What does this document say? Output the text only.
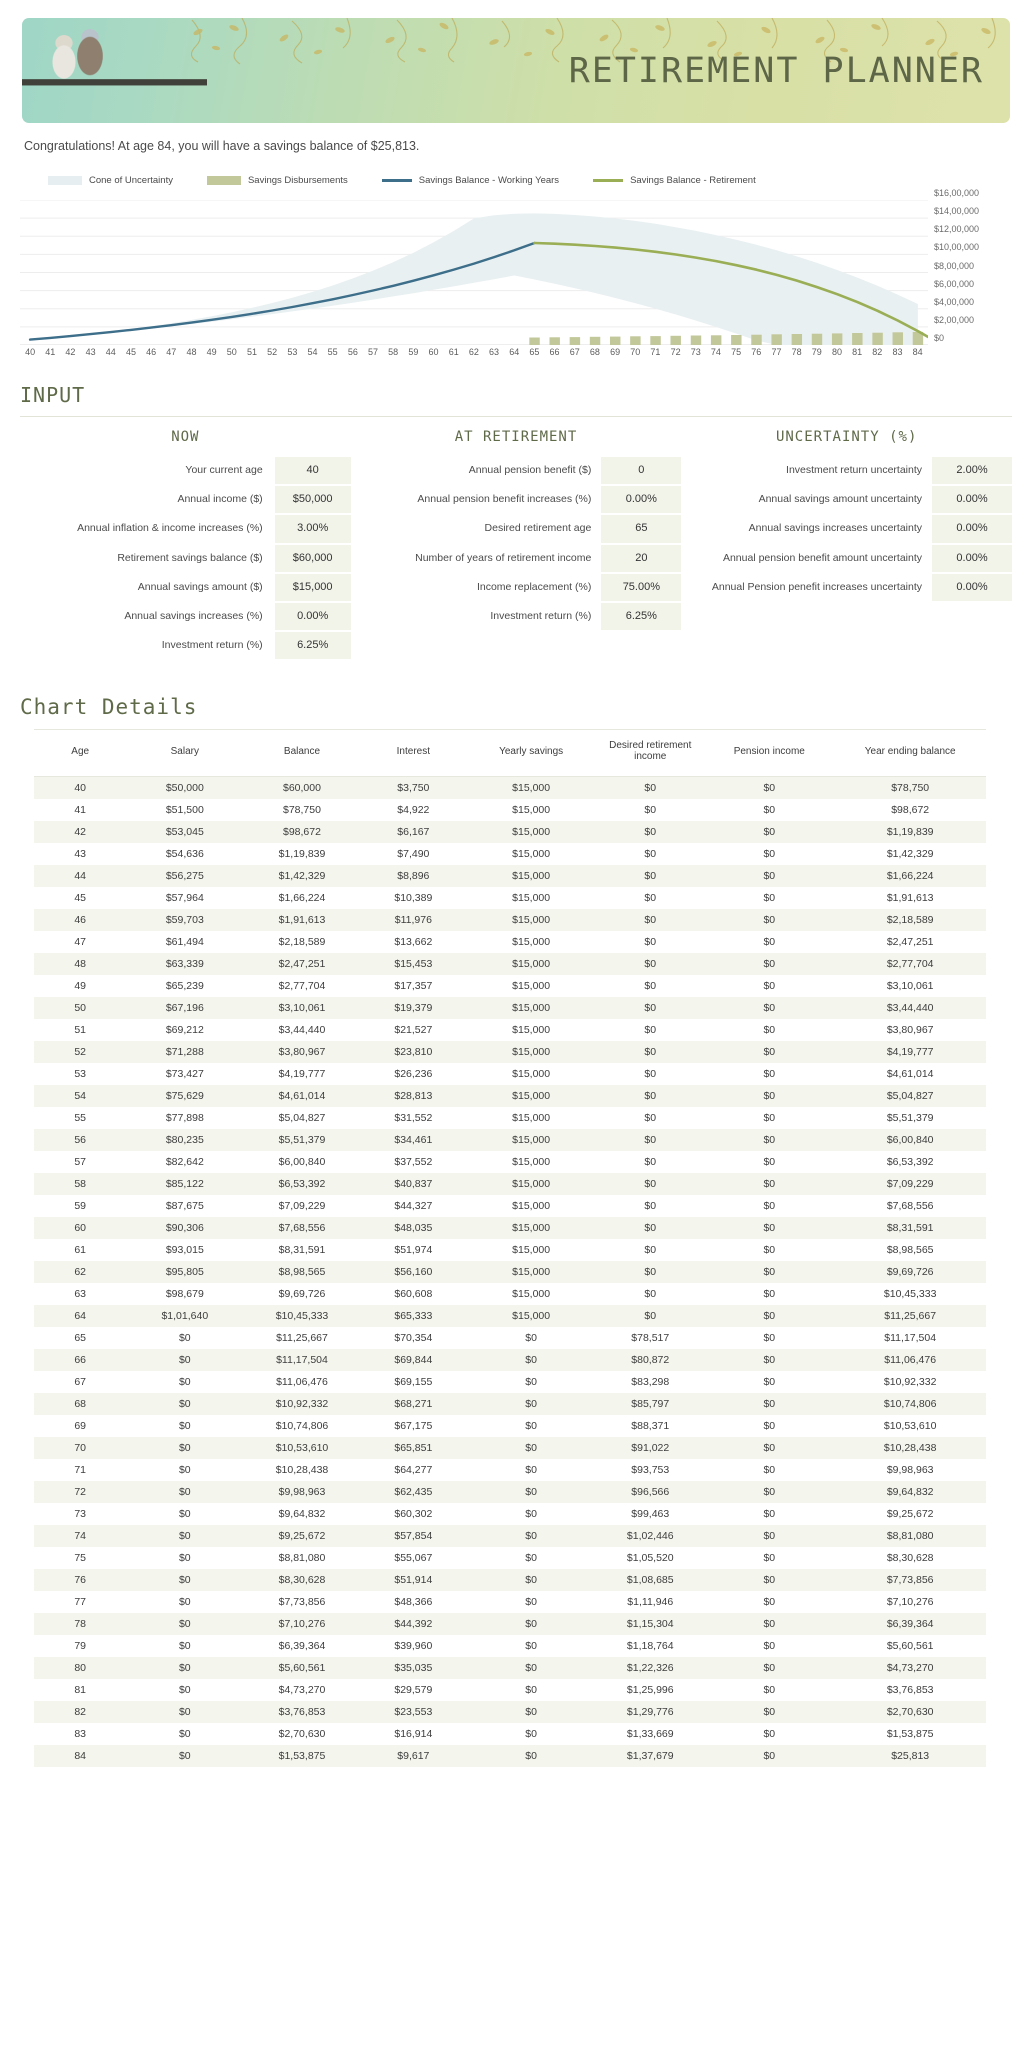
RETIREMENT PLANNER
Congratulations! At age 84, you will have a savings balance of $25,813.
Cone of Uncertainty	Savings Disbursements	Savings Balance - Working Years	Savings Balance - Retirement
$0
$2,00,000
$4,00,000
$6,00,000
$8,00,000
$10,00,000
$12,00,000
$14,00,000
$16,00,000
40	41	42	43	44	45	46	47	48	49	50	51	52	53	54	55	56	57	58	59	60	61	62	63	64	65	66	67	68	69	70	71	72	73	74	75	76	77	78	79	80	81	82	83	84
INPUT
NOW
Your current age	40
Annual income ($)	$50,000
Annual inflation & income increases (%)	3.00%
Retirement savings balance ($)	$60,000
Annual savings amount ($)	$15,000
Annual savings increases (%)	0.00%
Investment return (%)	6.25%
AT RETIREMENT
Annual pension benefit ($)	0
Annual pension benefit increases (%)	0.00%
Desired retirement age	65
Number of years of retirement income	20
Income replacement (%)	75.00%
Investment return (%)	6.25%
UNCERTAINTY (%)
Investment return uncertainty	2.00%
Annual savings amount uncertainty	0.00%
Annual savings increases uncertainty	0.00%
Annual pension benefit amount uncertainty	0.00%
Annual Pension penefit increases uncertainty	0.00%
Chart Details
Age	Salary	Balance	Interest	Yearly savings	Desired retirement income	Pension income	Year ending balance
40	$50,000	$60,000	$3,750	$15,000	$0	$0	$78,750
41	$51,500	$78,750	$4,922	$15,000	$0	$0	$98,672
42	$53,045	$98,672	$6,167	$15,000	$0	$0	$1,19,839
43	$54,636	$1,19,839	$7,490	$15,000	$0	$0	$1,42,329
44	$56,275	$1,42,329	$8,896	$15,000	$0	$0	$1,66,224
45	$57,964	$1,66,224	$10,389	$15,000	$0	$0	$1,91,613
46	$59,703	$1,91,613	$11,976	$15,000	$0	$0	$2,18,589
47	$61,494	$2,18,589	$13,662	$15,000	$0	$0	$2,47,251
48	$63,339	$2,47,251	$15,453	$15,000	$0	$0	$2,77,704
49	$65,239	$2,77,704	$17,357	$15,000	$0	$0	$3,10,061
50	$67,196	$3,10,061	$19,379	$15,000	$0	$0	$3,44,440
51	$69,212	$3,44,440	$21,527	$15,000	$0	$0	$3,80,967
52	$71,288	$3,80,967	$23,810	$15,000	$0	$0	$4,19,777
53	$73,427	$4,19,777	$26,236	$15,000	$0	$0	$4,61,014
54	$75,629	$4,61,014	$28,813	$15,000	$0	$0	$5,04,827
55	$77,898	$5,04,827	$31,552	$15,000	$0	$0	$5,51,379
56	$80,235	$5,51,379	$34,461	$15,000	$0	$0	$6,00,840
57	$82,642	$6,00,840	$37,552	$15,000	$0	$0	$6,53,392
58	$85,122	$6,53,392	$40,837	$15,000	$0	$0	$7,09,229
59	$87,675	$7,09,229	$44,327	$15,000	$0	$0	$7,68,556
60	$90,306	$7,68,556	$48,035	$15,000	$0	$0	$8,31,591
61	$93,015	$8,31,591	$51,974	$15,000	$0	$0	$8,98,565
62	$95,805	$8,98,565	$56,160	$15,000	$0	$0	$9,69,726
63	$98,679	$9,69,726	$60,608	$15,000	$0	$0	$10,45,333
64	$1,01,640	$10,45,333	$65,333	$15,000	$0	$0	$11,25,667
65	$0	$11,25,667	$70,354	$0	$78,517	$0	$11,17,504
66	$0	$11,17,504	$69,844	$0	$80,872	$0	$11,06,476
67	$0	$11,06,476	$69,155	$0	$83,298	$0	$10,92,332
68	$0	$10,92,332	$68,271	$0	$85,797	$0	$10,74,806
69	$0	$10,74,806	$67,175	$0	$88,371	$0	$10,53,610
70	$0	$10,53,610	$65,851	$0	$91,022	$0	$10,28,438
71	$0	$10,28,438	$64,277	$0	$93,753	$0	$9,98,963
72	$0	$9,98,963	$62,435	$0	$96,566	$0	$9,64,832
73	$0	$9,64,832	$60,302	$0	$99,463	$0	$9,25,672
74	$0	$9,25,672	$57,854	$0	$1,02,446	$0	$8,81,080
75	$0	$8,81,080	$55,067	$0	$1,05,520	$0	$8,30,628
76	$0	$8,30,628	$51,914	$0	$1,08,685	$0	$7,73,856
77	$0	$7,73,856	$48,366	$0	$1,11,946	$0	$7,10,276
78	$0	$7,10,276	$44,392	$0	$1,15,304	$0	$6,39,364
79	$0	$6,39,364	$39,960	$0	$1,18,764	$0	$5,60,561
80	$0	$5,60,561	$35,035	$0	$1,22,326	$0	$4,73,270
81	$0	$4,73,270	$29,579	$0	$1,25,996	$0	$3,76,853
82	$0	$3,76,853	$23,553	$0	$1,29,776	$0	$2,70,630
83	$0	$2,70,630	$16,914	$0	$1,33,669	$0	$1,53,875
84	$0	$1,53,875	$9,617	$0	$1,37,679	$0	$25,813
